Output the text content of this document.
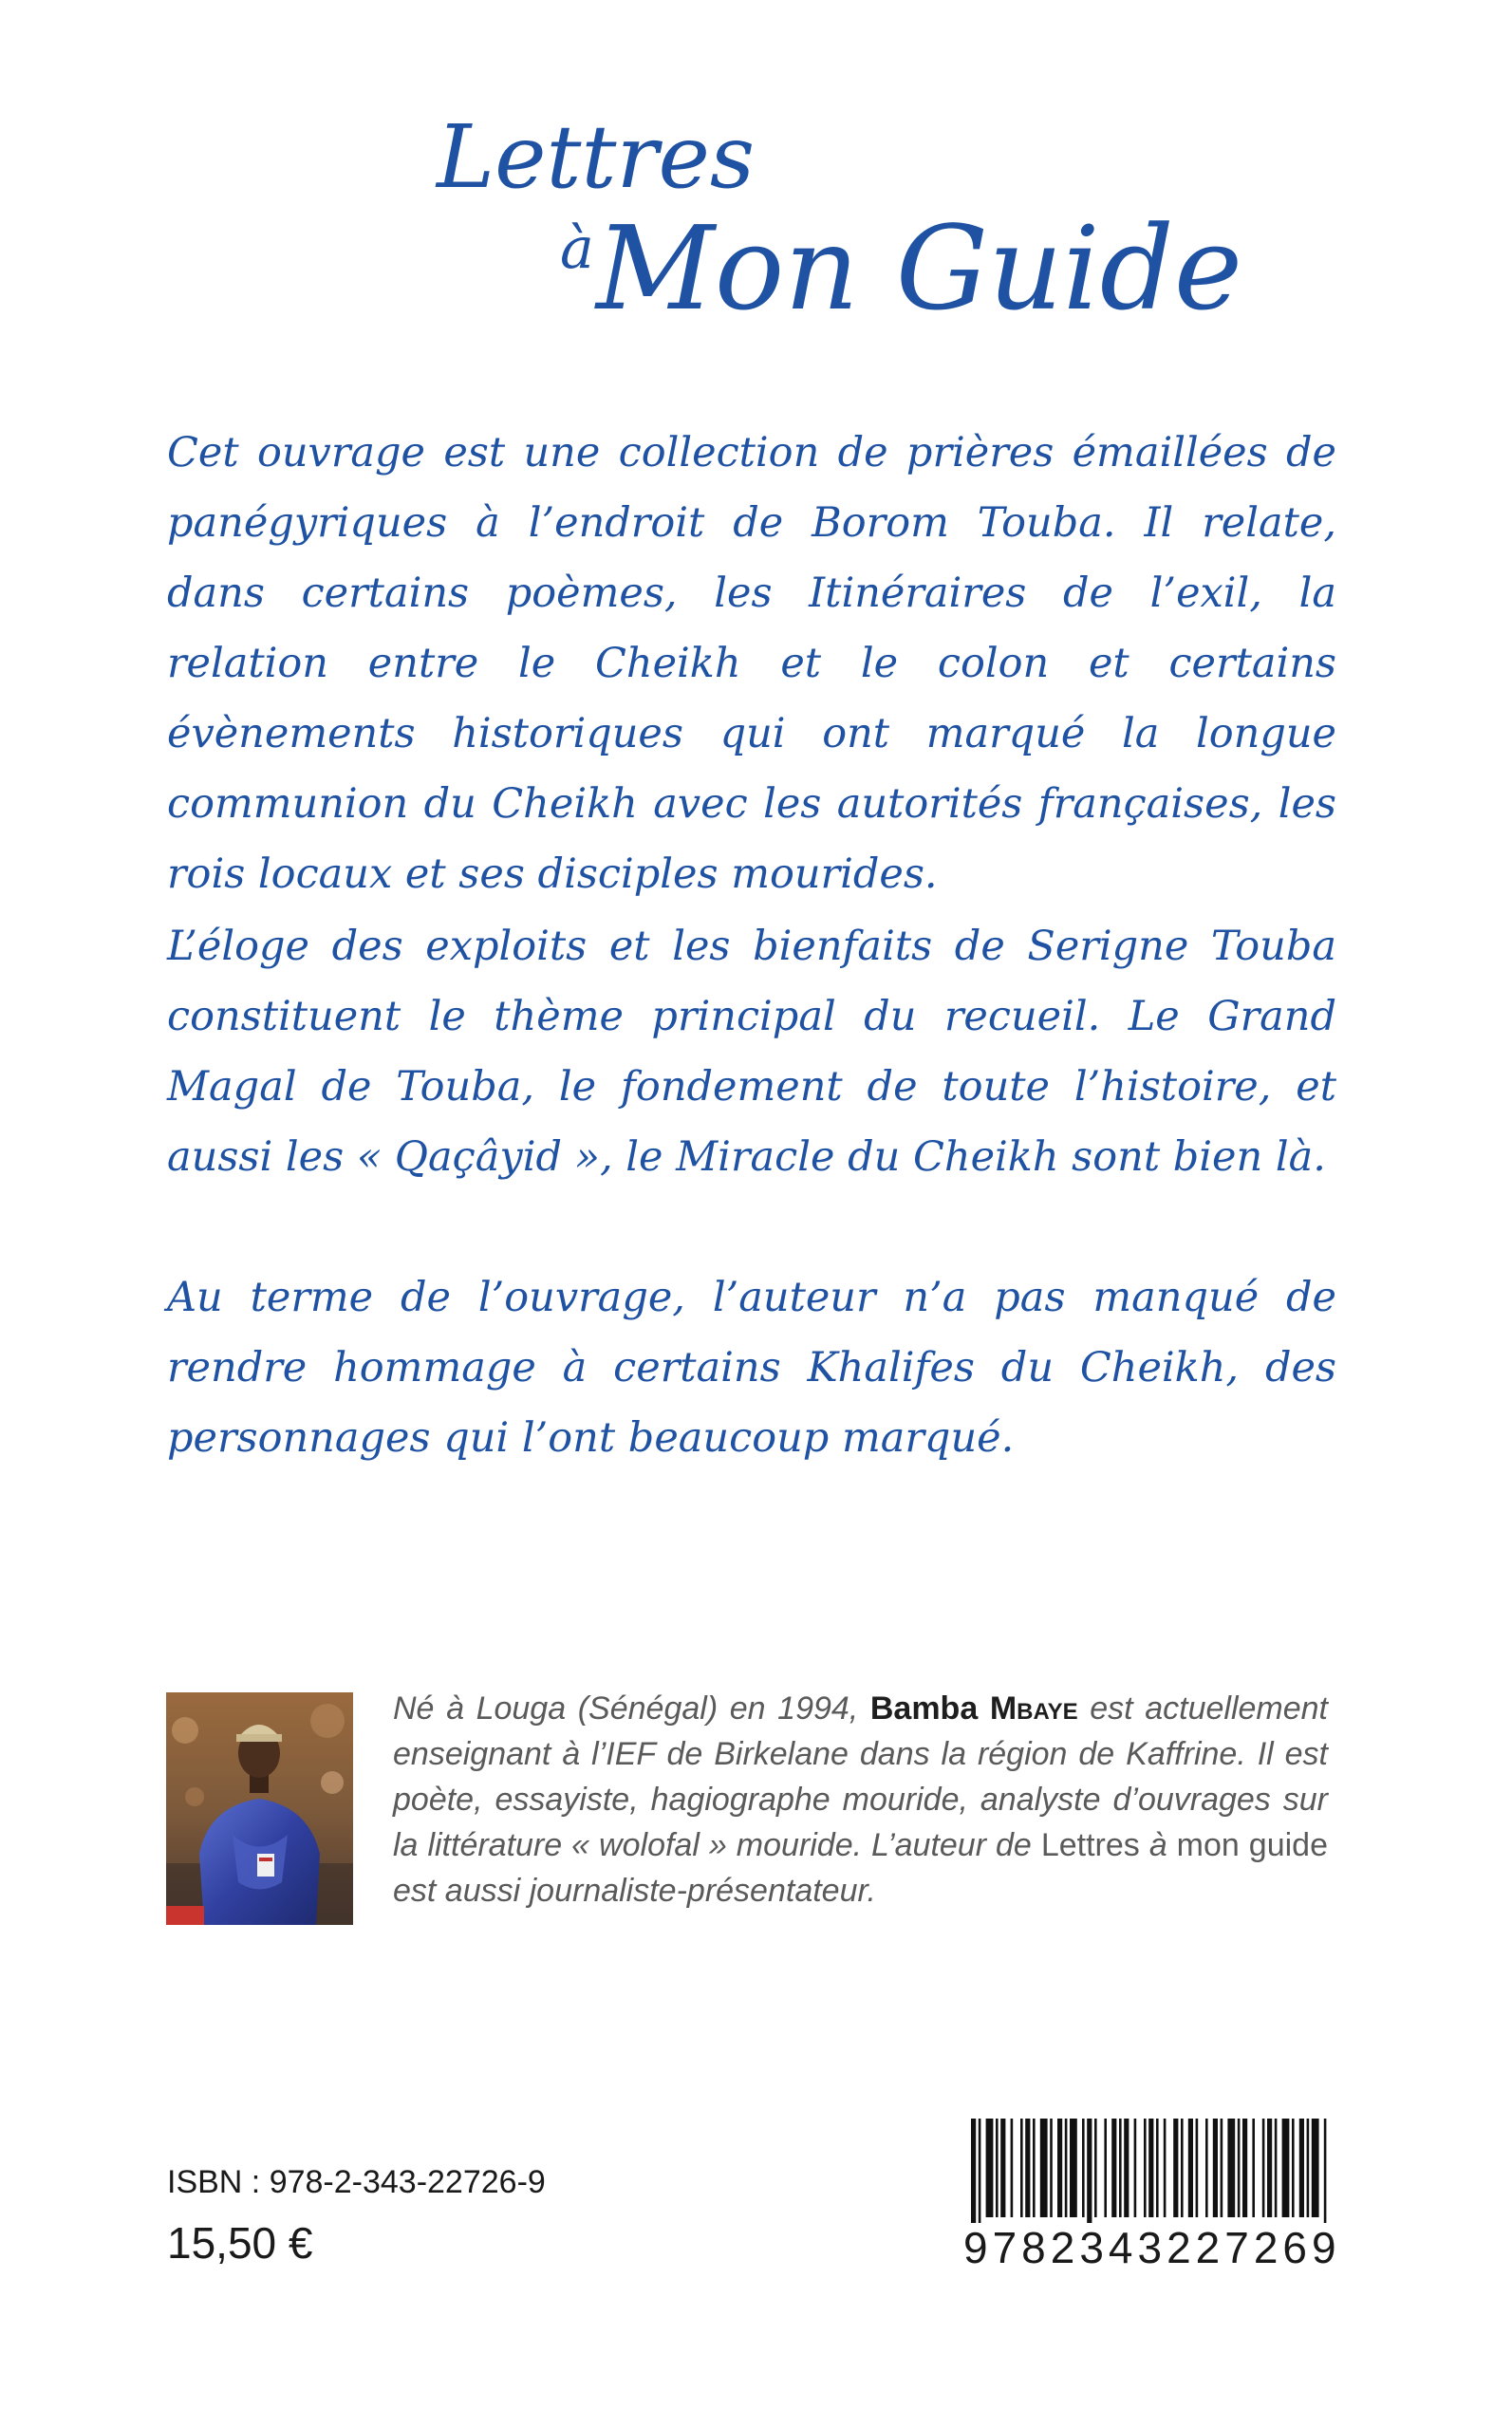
Lettres
à Mon Guide

Cet ouvrage est une collection de prières émaillées de panégyriques à l’endroit de Borom Touba. Il relate, dans certains poèmes, les Itinéraires de l’exil, la relation entre le Cheikh et le colon et certains évènements historiques qui ont marqué la longue communion du Cheikh avec les autorités françaises, les rois locaux et ses disciples mourides.

L’éloge des exploits et les bienfaits de Serigne Touba constituent le thème principal du recueil. Le Grand Magal de Touba, le fondement de toute l’histoire, et aussi les « Qaçâyid », le Miracle du Cheikh sont bien là.

Au terme de l’ouvrage, l’auteur n’a pas manqué de rendre hommage à certains Khalifes du Cheikh, des personnages qui l’ont beaucoup marqué.

Né à Louga (Sénégal) en 1994, Bamba Mbaye est actuellement enseignant à l’IEF de Birkelane dans la région de Kaffrine. Il est poète, essayiste, hagiographe mouride, analyste d’ouvrages sur la littérature « wolofal » mouride. L’auteur de Lettres à mon guide est aussi journaliste-présentateur.

ISBN : 978-2-343-22726-9
15,50 €	9782343227269
